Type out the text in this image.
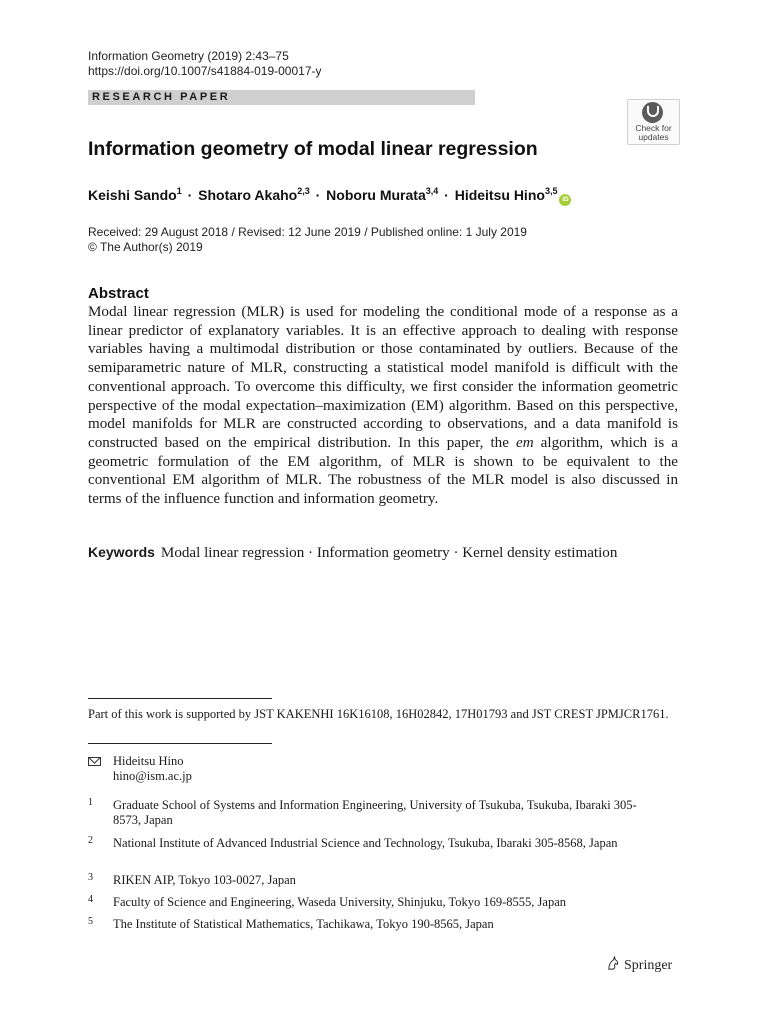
Information Geometry (2019) 2:43–75
https://doi.org/10.1007/s41884-019-00017-y
RESEARCH PAPER
Check for
updates
Information geometry of modal linear regression
Keishi Sando$^1$ · Shotaro Akaho$^{2,3}$ · Noboru Murata$^{3,4}$ · Hideitsu Hino$^{3,5}$iD
Received: 29 August 2018 / Revised: 12 June 2019 / Published online: 1 July 2019
© The Author(s) 2019
Abstract
Modal linear regression (MLR) is used for modeling the conditional mode of a response as a linear predictor of explanatory variables. It is an effective approach to dealing with response variables having a multimodal distribution or those contaminated by outliers. Because of the semiparametric nature of MLR, constructing a statistical model manifold is difficult with the conventional approach. To overcome this difficulty, we first consider the information geometric perspective of the modal expectation–maximization (EM) algorithm. Based on this perspective, model manifolds for MLR are constructed according to observations, and a data manifold is constructed based on the empirical distribution. In this paper, the em algorithm, which is a geometric formulation of the EM algorithm, of MLR is shown to be equivalent to the conventional EM algorithm of MLR. The robustness of the MLR model is also discussed in terms of the influence function and information geometry.
Keywords Modal linear regression · Information geometry · Kernel density estimation
Part of this work is supported by JST KAKENHI 16K16108, 16H02842, 17H01793 and JST CREST JPMJCR1761.
Hideitsu Hino
hino@ism.ac.jp
1 Graduate School of Systems and Information Engineering, University of Tsukuba, Tsukuba, Ibaraki 305-8573, Japan
2 National Institute of Advanced Industrial Science and Technology, Tsukuba, Ibaraki 305-8568, Japan
3 RIKEN AIP, Tokyo 103-0027, Japan
4 Faculty of Science and Engineering, Waseda University, Shinjuku, Tokyo 169-8555, Japan
5 The Institute of Statistical Mathematics, Tachikawa, Tokyo 190-8565, Japan
Springer
